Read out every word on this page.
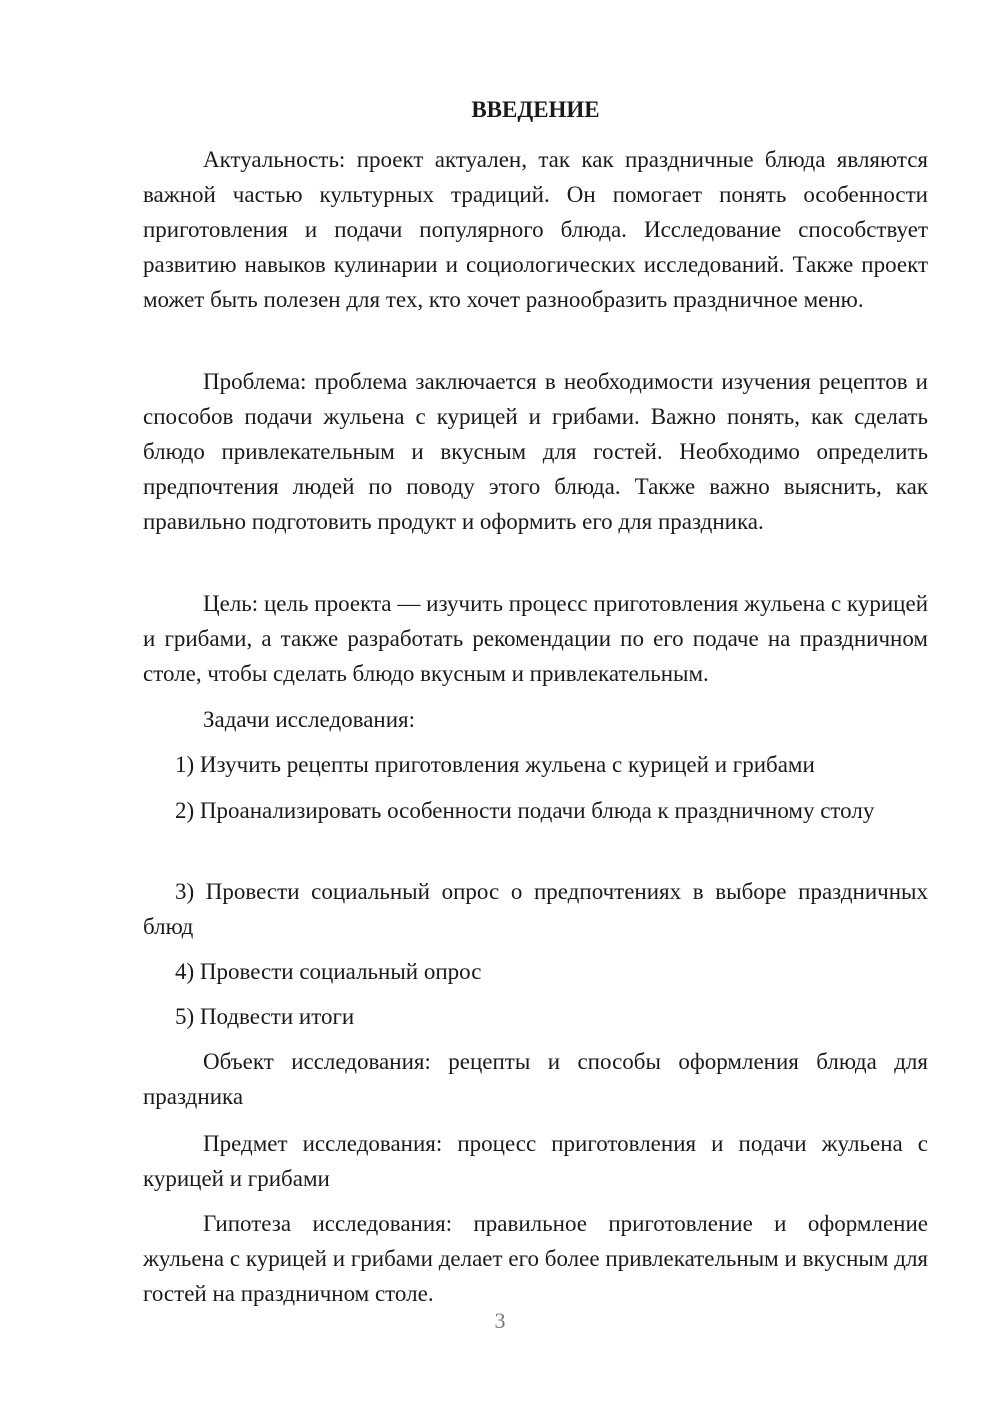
ВВЕДЕНИЕ

Актуальность: проект актуален, так как праздничные блюда являются важной частью культурных традиций. Он помогает понять особенности приготовления и подачи популярного блюда. Исследование способствует развитию навыков кулинарии и социологических исследований. Также проект может быть полезен для тех, кто хочет разнообразить праздничное меню.

Проблема: проблема заключается в необходимости изучения рецептов и способов подачи жульена с курицей и грибами. Важно понять, как сделать блюдо привлекательным и вкусным для гостей. Необходимо определить предпочтения людей по поводу этого блюда. Также важно выяснить, как правильно подготовить продукт и оформить его для праздника.

Цель: цель проекта — изучить процесс приготовления жульена с курицей и грибами, а также разработать рекомендации по его подаче на праздничном столе, чтобы сделать блюдо вкусным и привлекательным.

Задачи исследования:

1) Изучить рецепты приготовления жульена с курицей и грибами

2) Проанализировать особенности подачи блюда к праздничному столу

3) Провести социальный опрос о предпочтениях в выборе праздничных блюд

4) Провести социальный опрос

5) Подвести итоги

Объект исследования: рецепты и способы оформления блюда для праздника

Предмет исследования: процесс приготовления и подачи жульена с курицей и грибами

Гипотеза исследования: правильное приготовление и оформление жульена с курицей и грибами делает его более привлекательным и вкусным для гостей на праздничном столе.

3
